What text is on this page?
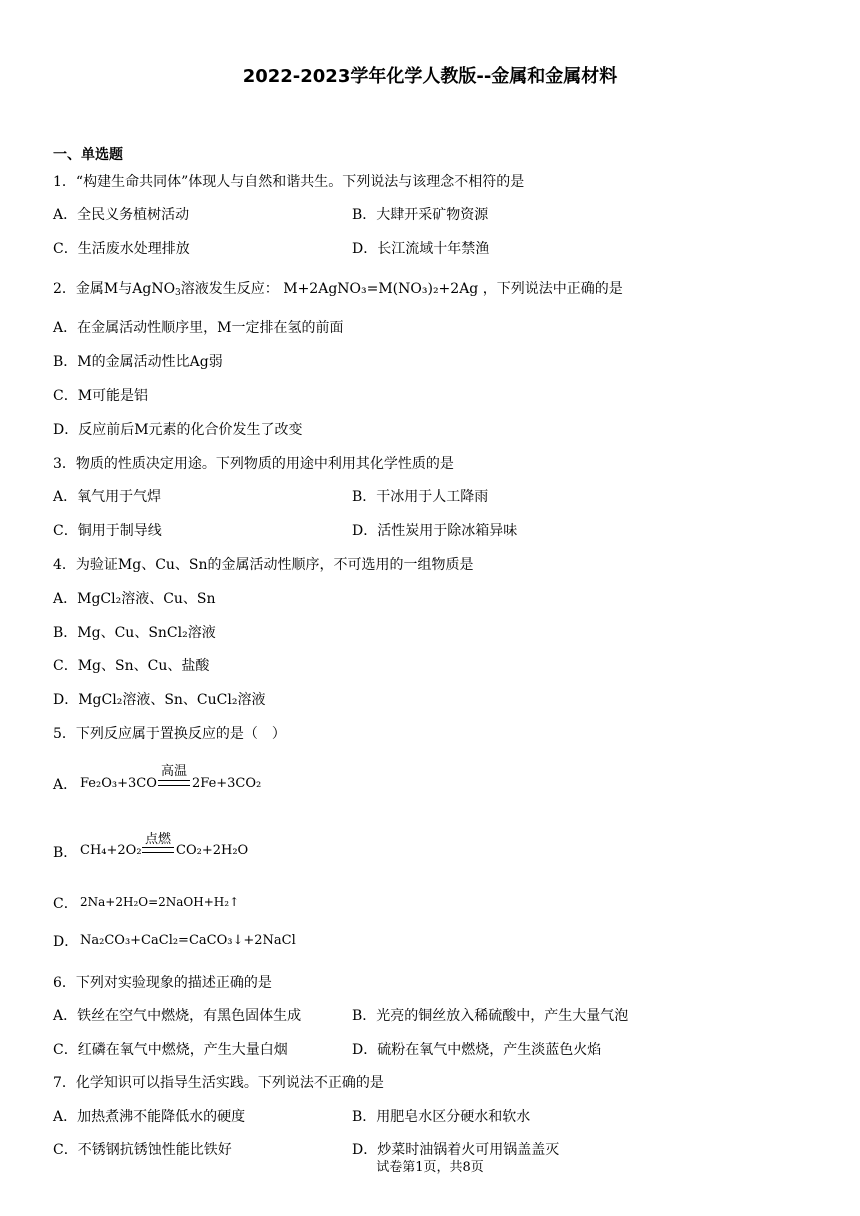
2022-2023学年化学人教版--金属和金属材料
一、单选题
1．“构建生命共同体”体现人与自然和谐共生。下列说法与该理念不相符的是
A．全民义务植树活动	B．大肆开采矿物资源
C．生活废水处理排放	D．长江流域十年禁渔
2．金属M与AgNO$_3$溶液发生反应： M+2AgNO₃=M(NO₃)₂+2Ag ，下列说法中正确的是
A．在金属活动性顺序里，M一定排在氢的前面
B．M的金属活动性比Ag弱
C．M可能是铝
D．反应前后M元素的化合价发生了改变
3．物质的性质决定用途。下列物质的用途中利用其化学性质的是
A．氧气用于气焊	B．干冰用于人工降雨
C．铜用于制导线	D．活性炭用于除冰箱异味
4．为验证Mg、Cu、Sn的金属活动性顺序，不可选用的一组物质是
A．MgCl₂溶液、Cu、Sn
B．Mg、Cu、SnCl₂溶液
C．Mg、Sn、Cu、盐酸
D．MgCl₂溶液、Sn、CuCl₂溶液
5．下列反应属于置换反应的是（　）
A． Fe₂O₃+3CO
高温
2Fe+3CO₂
B． CH₄+2O₂
点燃
CO₂+2H₂O
C． 2Na+2H₂O=2NaOH+H₂↑
D． Na₂CO₃+CaCl₂=CaCO₃↓+2NaCl
6．下列对实验现象的描述正确的是
A．铁丝在空气中燃烧，有黑色固体生成	B．光亮的铜丝放入稀硫酸中，产生大量气泡
C．红磷在氧气中燃烧，产生大量白烟	D．硫粉在氧气中燃烧，产生淡蓝色火焰
7．化学知识可以指导生活实践。下列说法不正确的是
A．加热煮沸不能降低水的硬度	B．用肥皂水区分硬水和软水
C．不锈钢抗锈蚀性能比铁好	D．炒菜时油锅着火可用锅盖盖灭
试卷第1页，共8页
